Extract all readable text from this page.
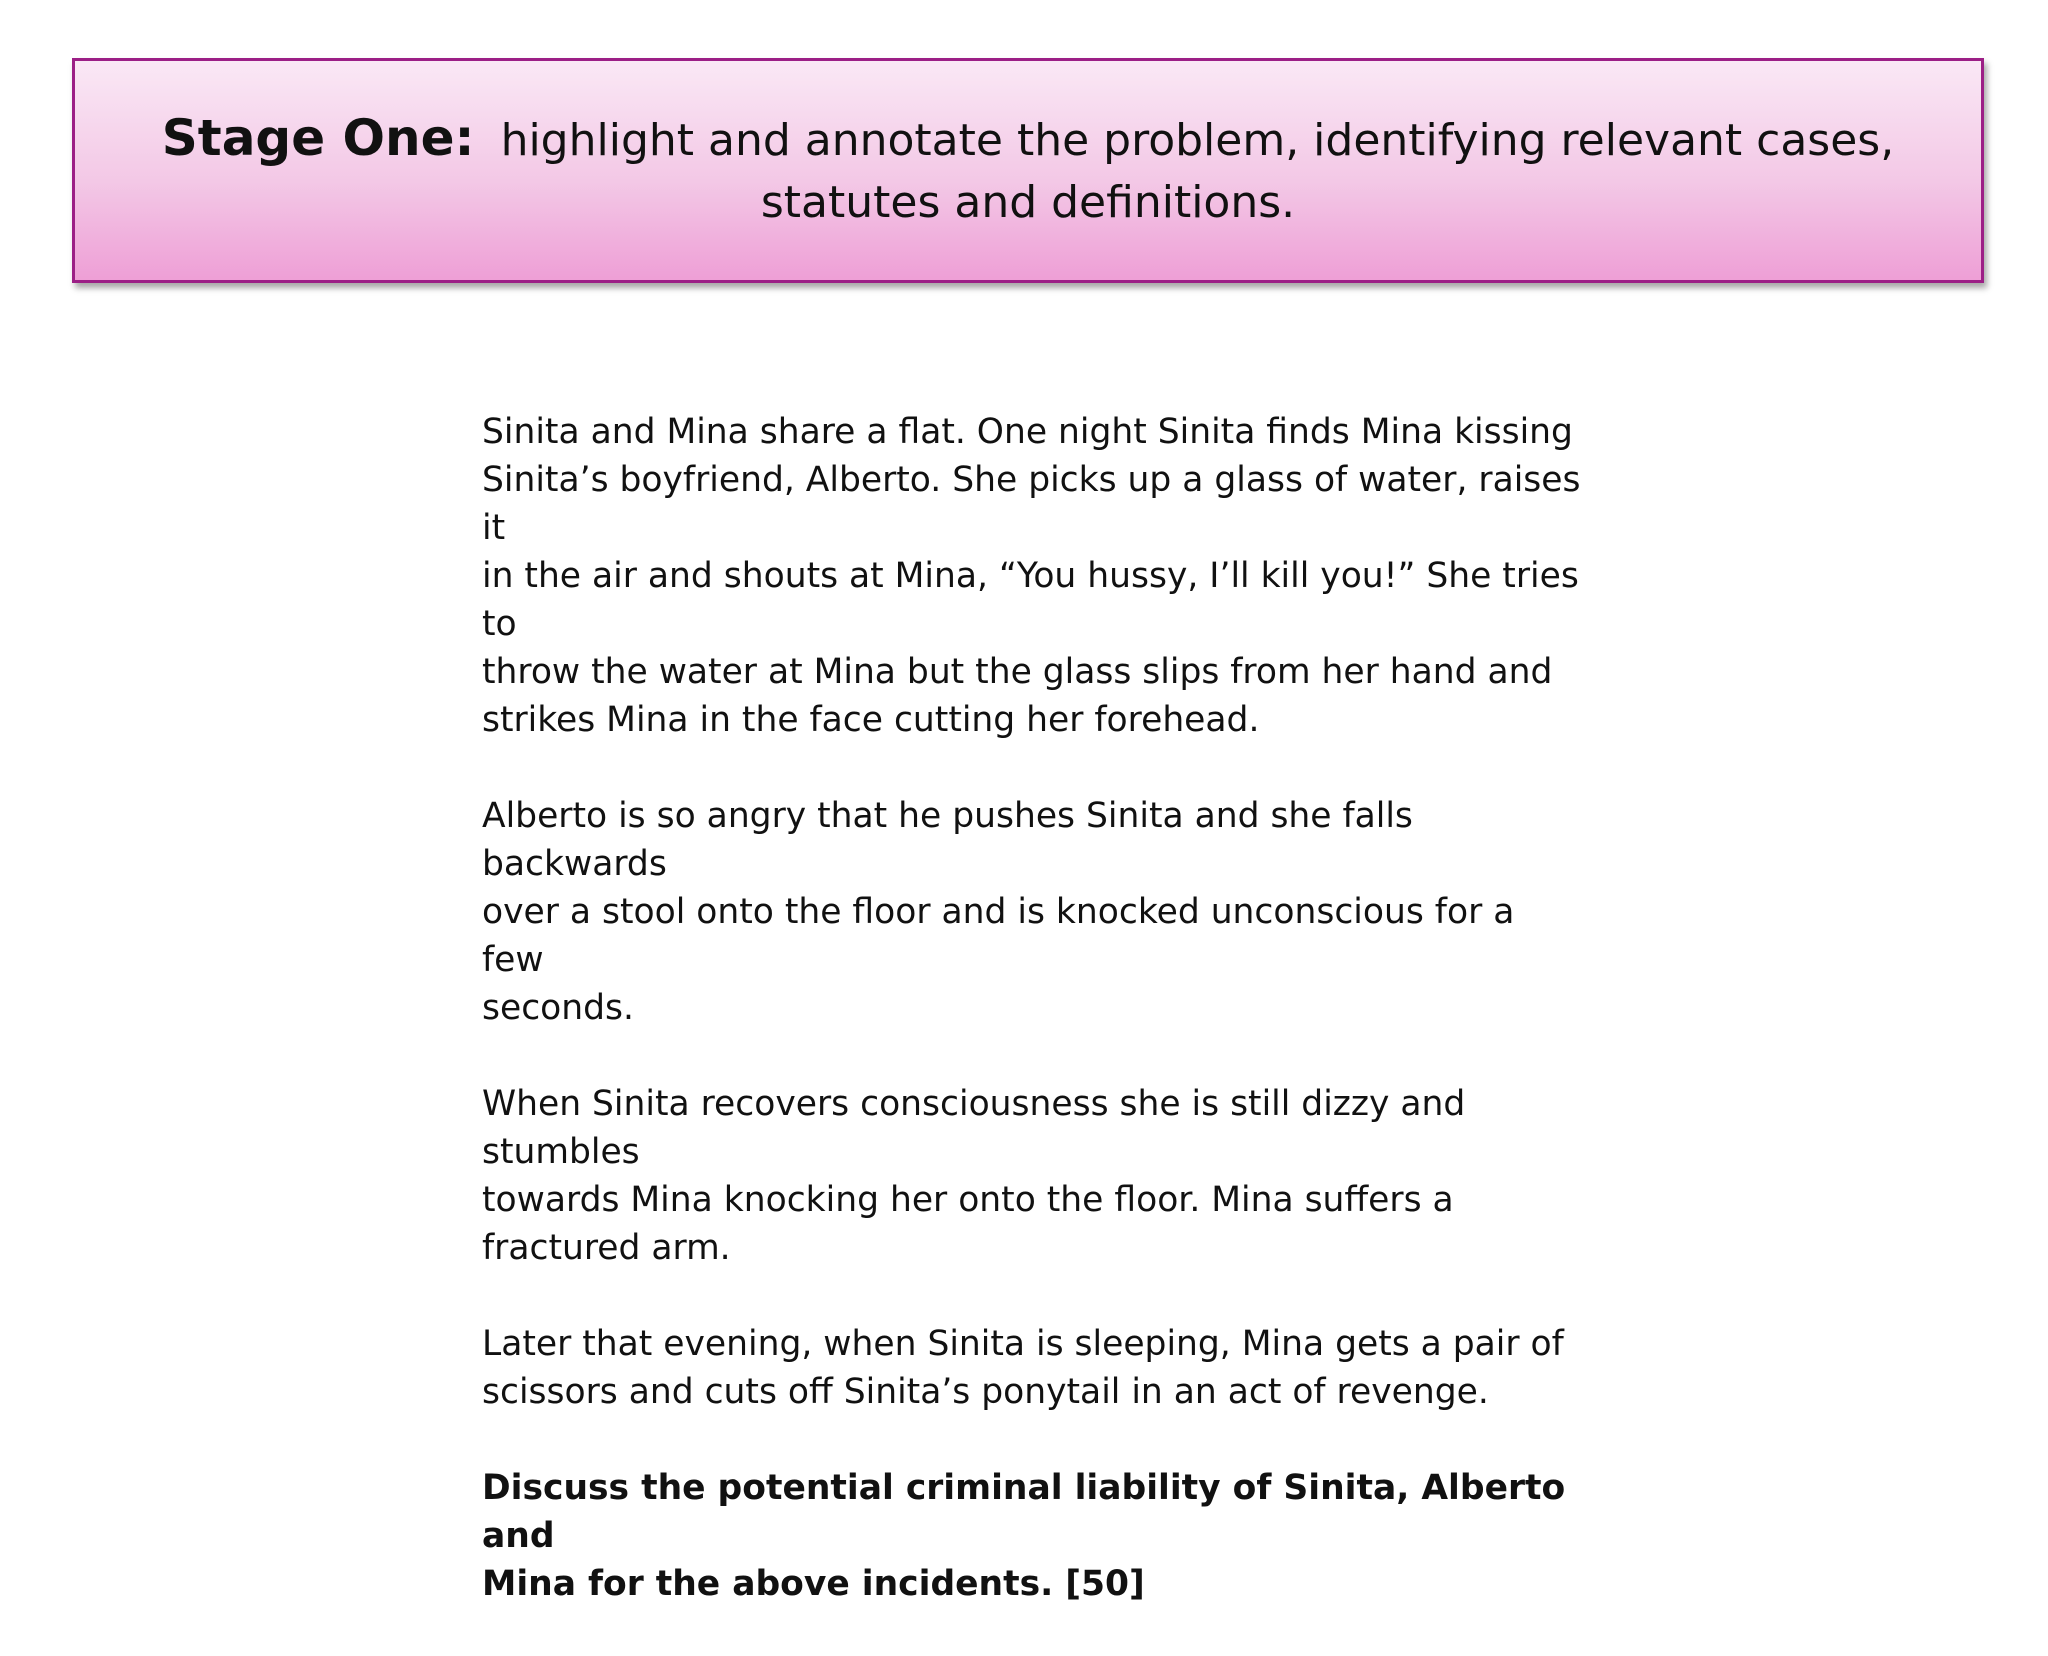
Stage One: highlight and annotate the problem, identifying relevant cases, statutes and definitions.

Sinita and Mina share a flat. One night Sinita finds Mina kissing
Sinita’s boyfriend, Alberto. She picks up a glass of water, raises it
in the air and shouts at Mina, “You hussy, I’ll kill you!” She tries to
throw the water at Mina but the glass slips from her hand and
strikes Mina in the face cutting her forehead.

Alberto is so angry that he pushes Sinita and she falls backwards
over a stool onto the floor and is knocked unconscious for a few
seconds.

When Sinita recovers consciousness she is still dizzy and stumbles
towards Mina knocking her onto the floor. Mina suffers a
fractured arm.

Later that evening, when Sinita is sleeping, Mina gets a pair of
scissors and cuts off Sinita’s ponytail in an act of revenge.

Discuss the potential criminal liability of Sinita, Alberto and
Mina for the above incidents. [50]
